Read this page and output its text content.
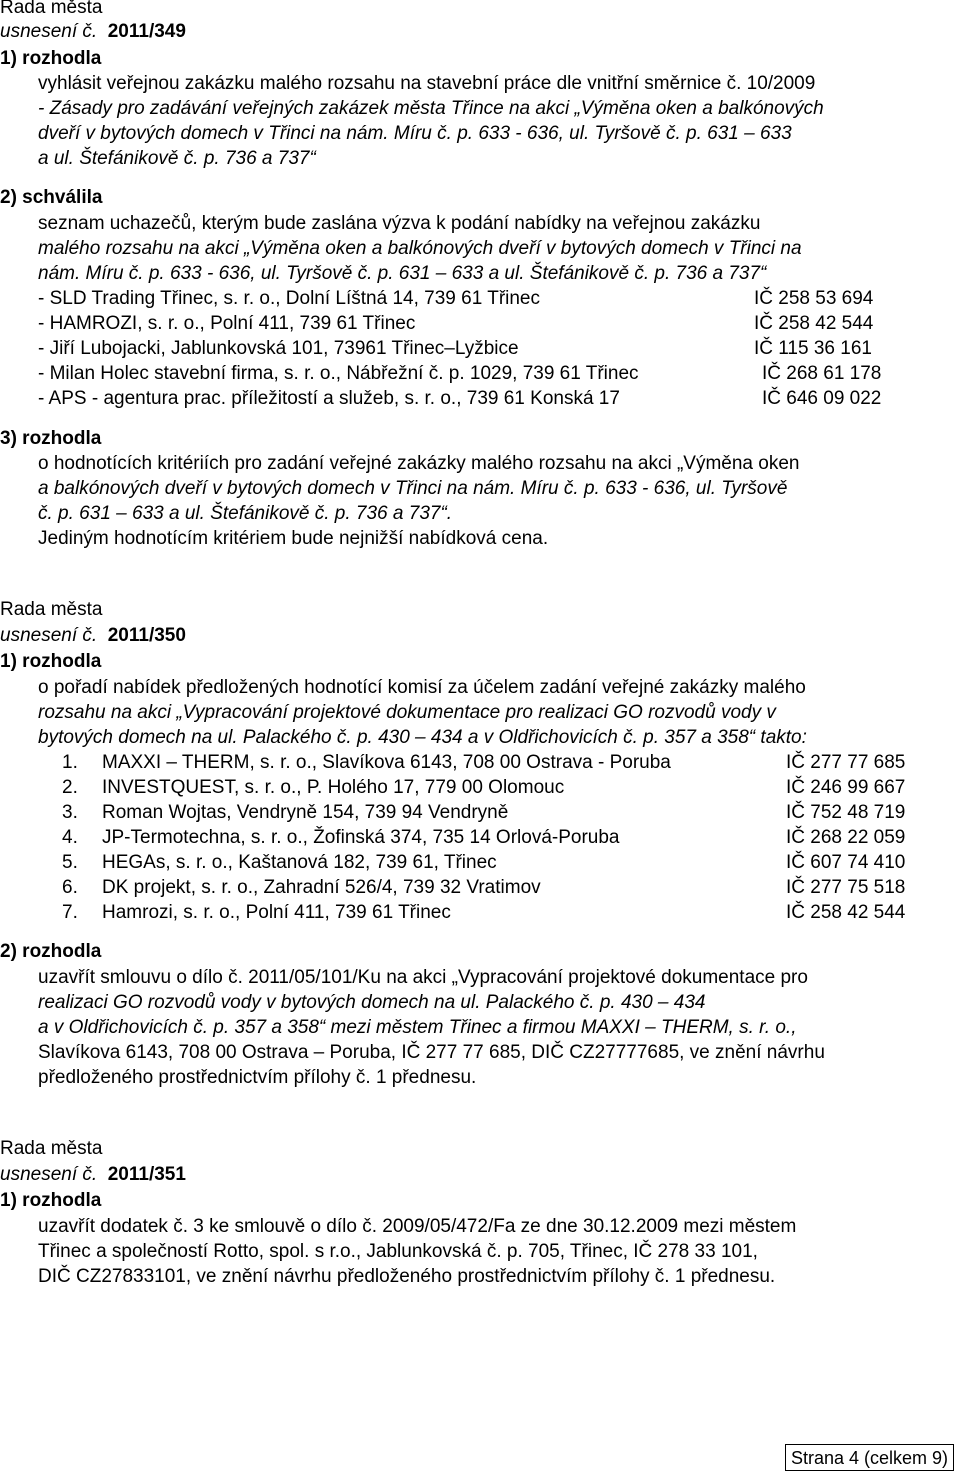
Rada města
usnesení č. 2011/349
1) rozhodla
vyhlásit veřejnou zakázku malého rozsahu na stavební práce dle vnitřní směrnice č. 10/2009
- Zásady pro zadávání veřejných zakázek města Třince na akci „Výměna oken a balkónových
dveří v bytových domech v Třinci na nám. Míru č. p. 633 - 636, ul. Tyršově č. p. 631 – 633
a ul. Štefánikově č. p. 736 a 737“
2) schválila
seznam uchazečů, kterým bude zaslána výzva k podání nabídky na veřejnou zakázku
malého rozsahu na akci „Výměna oken a balkónových dveří v bytových domech v Třinci na
nám. Míru č. p. 633 - 636, ul. Tyršově č. p. 631 – 633 a ul. Štefánikově č. p. 736 a 737“
- SLD Trading Třinec, s. r. o., Dolní Líštná 14, 739 61 Třinec	IČ 258 53 694
- HAMROZI, s. r. o., Polní 411, 739 61 Třinec	IČ 258 42 544
- Jiří Lubojacki, Jablunkovská 101, 73961 Třinec–Lyžbice	IČ 115 36 161
- Milan Holec stavební firma, s. r. o., Nábřežní č. p. 1029, 739 61 Třinec	IČ 268 61 178
- APS - agentura prac. příležitostí a služeb, s. r. o., 739 61 Konská 17	IČ 646 09 022
3) rozhodla
o hodnotících kritériích pro zadání veřejné zakázky malého rozsahu na akci „Výměna oken
a balkónových dveří v bytových domech v Třinci na nám. Míru č. p. 633 - 636, ul. Tyršově
č. p. 631 – 633 a ul. Štefánikově č. p. 736 a 737“.
Jediným hodnotícím kritériem bude nejnižší nabídková cena.
Rada města
usnesení č. 2011/350
1) rozhodla
o pořadí nabídek předložených hodnotící komisí za účelem zadání veřejné zakázky malého
rozsahu na akci „Vypracování projektové dokumentace pro realizaci GO rozvodů vody v
bytových domech na ul. Palackého č. p. 430 – 434 a v Oldřichovicích č. p. 357 a 358“ takto:
1. MAXXI – THERM, s. r. o., Slavíkova 6143, 708 00 Ostrava - Poruba	IČ 277 77 685
2. INVESTQUEST, s. r. o., P. Holého 17, 779 00 Olomouc	IČ 246 99 667
3. Roman Wojtas, Vendryně 154, 739 94 Vendryně	IČ 752 48 719
4. JP-Termotechna, s. r. o., Žofinská 374, 735 14 Orlová-Poruba	IČ 268 22 059
5. HEGAs, s. r. o., Kaštanová 182, 739 61, Třinec	IČ 607 74 410
6. DK projekt, s. r. o., Zahradní 526/4, 739 32 Vratimov	IČ 277 75 518
7. Hamrozi, s. r. o., Polní 411, 739 61 Třinec	IČ 258 42 544
2) rozhodla
uzavřít smlouvu o dílo č. 2011/05/101/Ku na akci „Vypracování projektové dokumentace pro
realizaci GO rozvodů vody v bytových domech na ul. Palackého č. p. 430 – 434
a v Oldřichovicích č. p. 357 a 358“ mezi městem Třinec a firmou MAXXI – THERM, s. r. o.,
Slavíkova 6143, 708 00 Ostrava – Poruba, IČ 277 77 685, DIČ CZ27777685, ve znění návrhu
předloženého prostřednictvím přílohy č. 1 přednesu.
Rada města
usnesení č. 2011/351
1) rozhodla
uzavřít dodatek č. 3 ke smlouvě o dílo č. 2009/05/472/Fa ze dne 30.12.2009 mezi městem
Třinec a společností Rotto, spol. s r.o., Jablunkovská č. p. 705, Třinec, IČ 278 33 101,
DIČ CZ27833101, ve znění návrhu předloženého prostřednictvím přílohy č. 1 přednesu.
Strana 4 (celkem 9)
